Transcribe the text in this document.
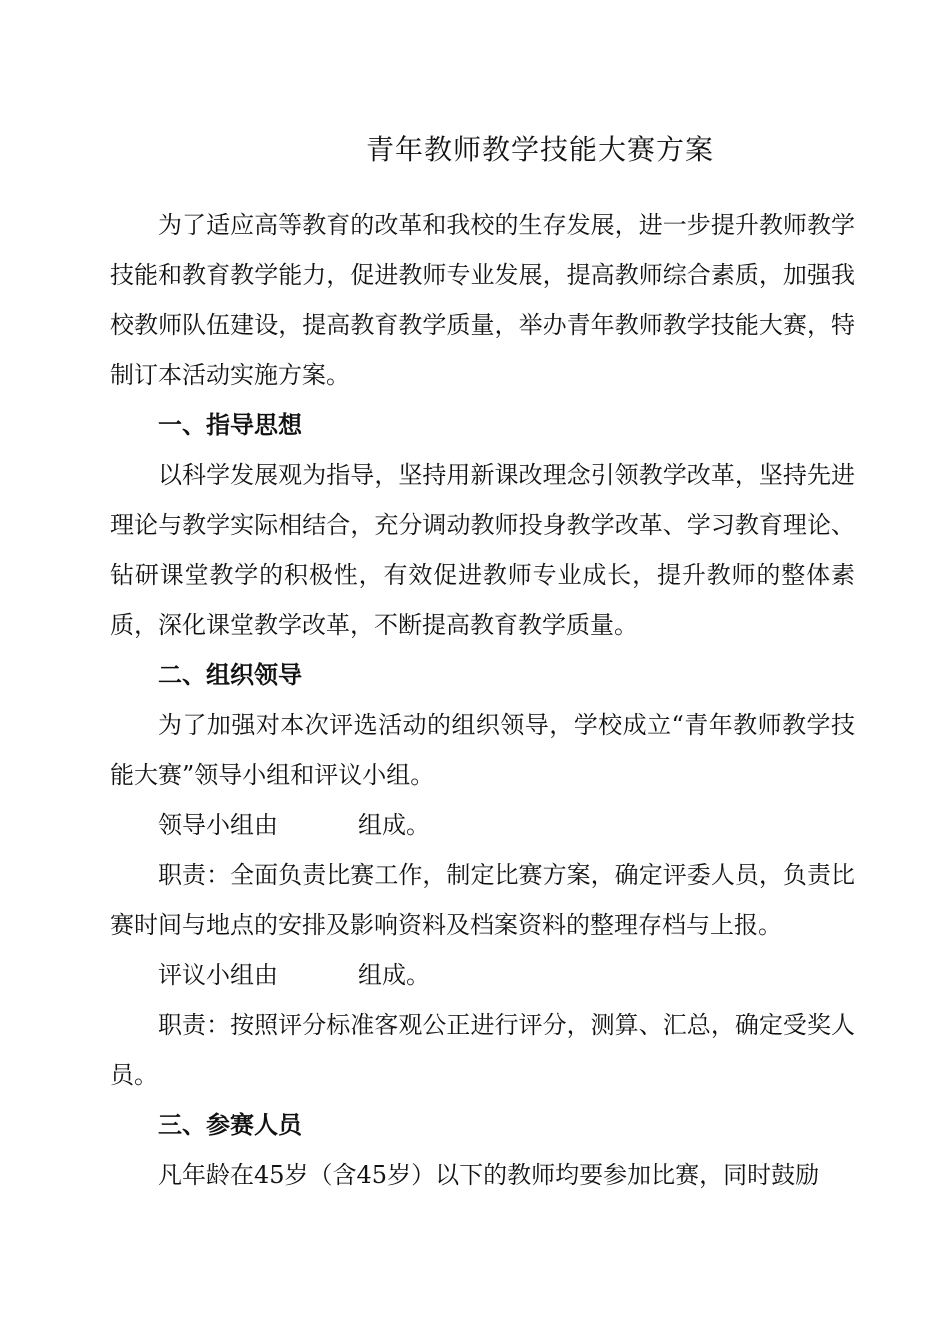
青年教师教学技能大赛方案

为了适应高等教育的改革和我校的生存发展，进一步提升教师教学技能和教育教学能力，促进教师专业发展，提高教师综合素质，加强我校教师队伍建设，提高教育教学质量，举办青年教师教学技能大赛，特制订本活动实施方案。

一、指导思想

以科学发展观为指导，坚持用新课改理念引领教学改革，坚持先进理论与教学实际相结合，充分调动教师投身教学改革、学习教育理论、钻研课堂教学的积极性，有效促进教师专业成长，提升教师的整体素质，深化课堂教学改革，不断提高教育教学质量。

二、组织领导

为了加强对本次评选活动的组织领导，学校成立“青年教师教学技能大赛”领导小组和评议小组。

领导小组由	组成。

职责：全面负责比赛工作，制定比赛方案，确定评委人员，负责比赛时间与地点的安排及影响资料及档案资料的整理存档与上报。

评议小组由	组成。

职责：按照评分标准客观公正进行评分，测算、汇总，确定受奖人员。

三、参赛人员

凡年龄在45岁（含45岁）以下的教师均要参加比赛，同时鼓励
